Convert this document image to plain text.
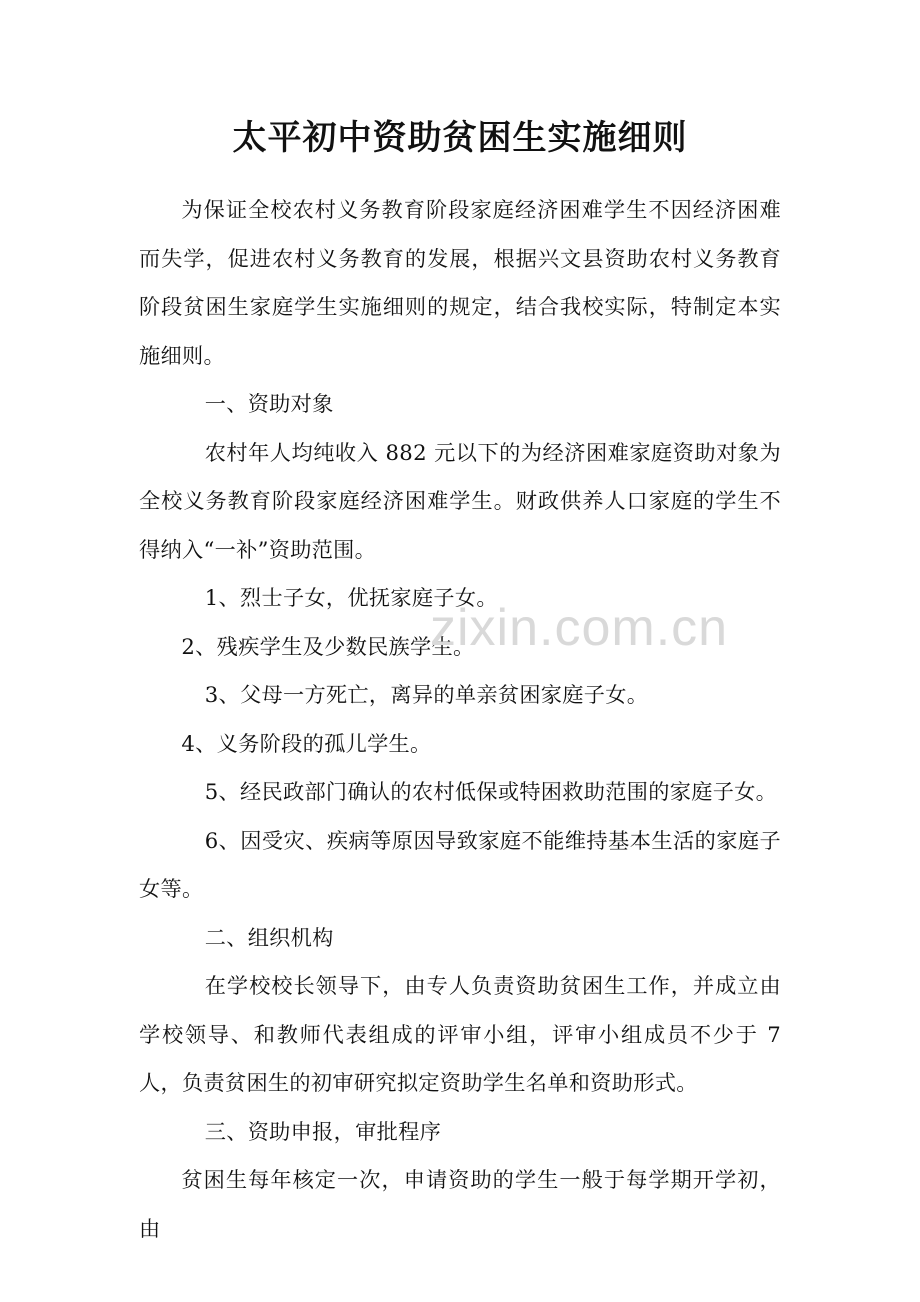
太平初中资助贫困生实施细则

为保证全校农村义务教育阶段家庭经济困难学生不因经济困难而失学，促进农村义务教育的发展，根据兴文县资助农村义务教育阶段贫困生家庭学生实施细则的规定，结合我校实际，特制定本实施细则。

一、资助对象

农村年人均纯收入 882 元以下的为经济困难家庭资助对象为全校义务教育阶段家庭经济困难学生。财政供养人口家庭的学生不得纳入“一补”资助范围。

1、烈士子女，优抚家庭子女。

2、残疾学生及少数民族学生。

3、父母一方死亡，离异的单亲贫困家庭子女。

4、义务阶段的孤儿学生。

5、经民政部门确认的农村低保或特困救助范围的家庭子女。

6、因受灾、疾病等原因导致家庭不能维持基本生活的家庭子女等。

二、组织机构

在学校校长领导下，由专人负责资助贫困生工作，并成立由学校领导、和教师代表组成的评审小组，评审小组成员不少于 7 人，负责贫困生的初审研究拟定资助学生名单和资助形式。

三、资助申报，审批程序

贫困生每年核定一次，申请资助的学生一般于每学期开学初，由

zixin.com.cn
